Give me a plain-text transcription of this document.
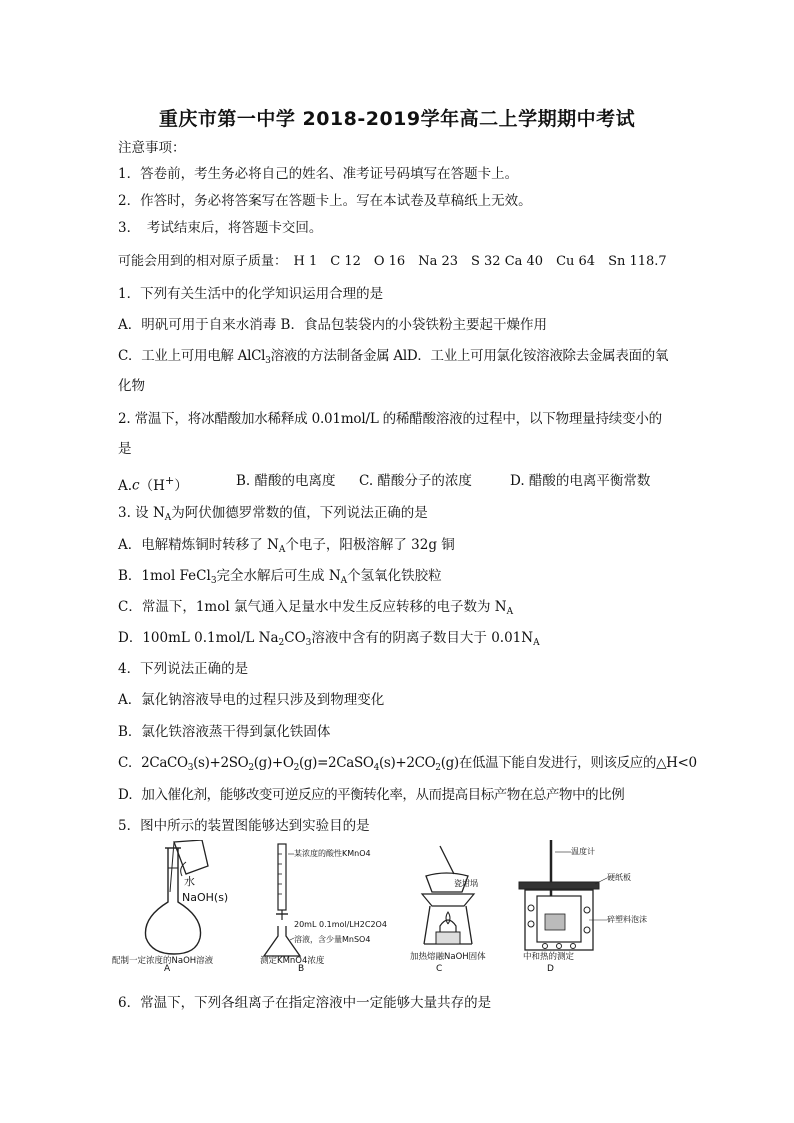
重庆市第一中学 2018-2019学年高二上学期期中考试
注意事项：
1．答卷前，考生务必将自己的姓名、准考证号码填写在答题卡上。
2．作答时，务必将答案写在答题卡上。写在本试卷及草稿纸上无效。
3．　考试结束后，将答题卡交回。
可能会用到的相对原子质量：　H 1　C 12　O 16　Na 23　S 32 Ca 40　Cu 64　Sn 118.7
1．下列有关生活中的化学知识运用合理的是
A．明矾可用于自来水消毒 B．食品包装袋内的小袋铁粉主要起干燥作用
C．工业上可用电解 AlCl$_3$溶液的方法制备金属 AlD．工业上可用氯化铵溶液除去金属表面的氧
化物
2. 常温下，将冰醋酸加水稀释成 0.01mol/L 的稀醋酸溶液的过程中，以下物理量持续变小的
是
A.c（H+）	B. 醋酸的电离度	C. 醋酸分子的浓度	D. 醋酸的电离平衡常数
3. 设 $N_A$为阿伏伽德罗常数的值，下列说法正确的是
A．电解精炼铜时转移了 $N_A$个电子，阳极溶解了 32g 铜
B．1mol FeCl$_3$完全水解后可生成 $N_A$个氢氧化铁胶粒
C．常温下，1mol 氯气通入足量水中发生反应转移的电子数为 $N_A$
D．100mL 0.1mol/L $Na_2CO_3$溶液中含有的阴离子数目大于 $0.01N_A$
4．下列说法正确的是
A．氯化钠溶液导电的过程只涉及到物理变化
B．氯化铁溶液蒸干得到氯化铁固体
C．$2CaCO_3(s)+2SO_2(g)+O_2(g)=2CaSO_4(s)+2CO_2(g)$在低温下能自发进行，则该反应的△H<0
D．加入催化剂，能够改变可逆反应的平衡转化率，从而提高目标产物在总产物中的比例
5．图中所示的装置图能够达到实验目的是
水
NaOH(s)
配制一定浓度的NaOH溶液
A
某浓度的酸性KMnO4
20mL 0.1mol/LH2C2O4
溶液，含少量MnSO4
测定KMnO4浓度
B
瓷坩埚
加热熔融NaOH固体
C
温度计
硬纸板
碎塑料泡沫
中和热的测定
D
6．常温下，下列各组离子在指定溶液中一定能够大量共存的是
